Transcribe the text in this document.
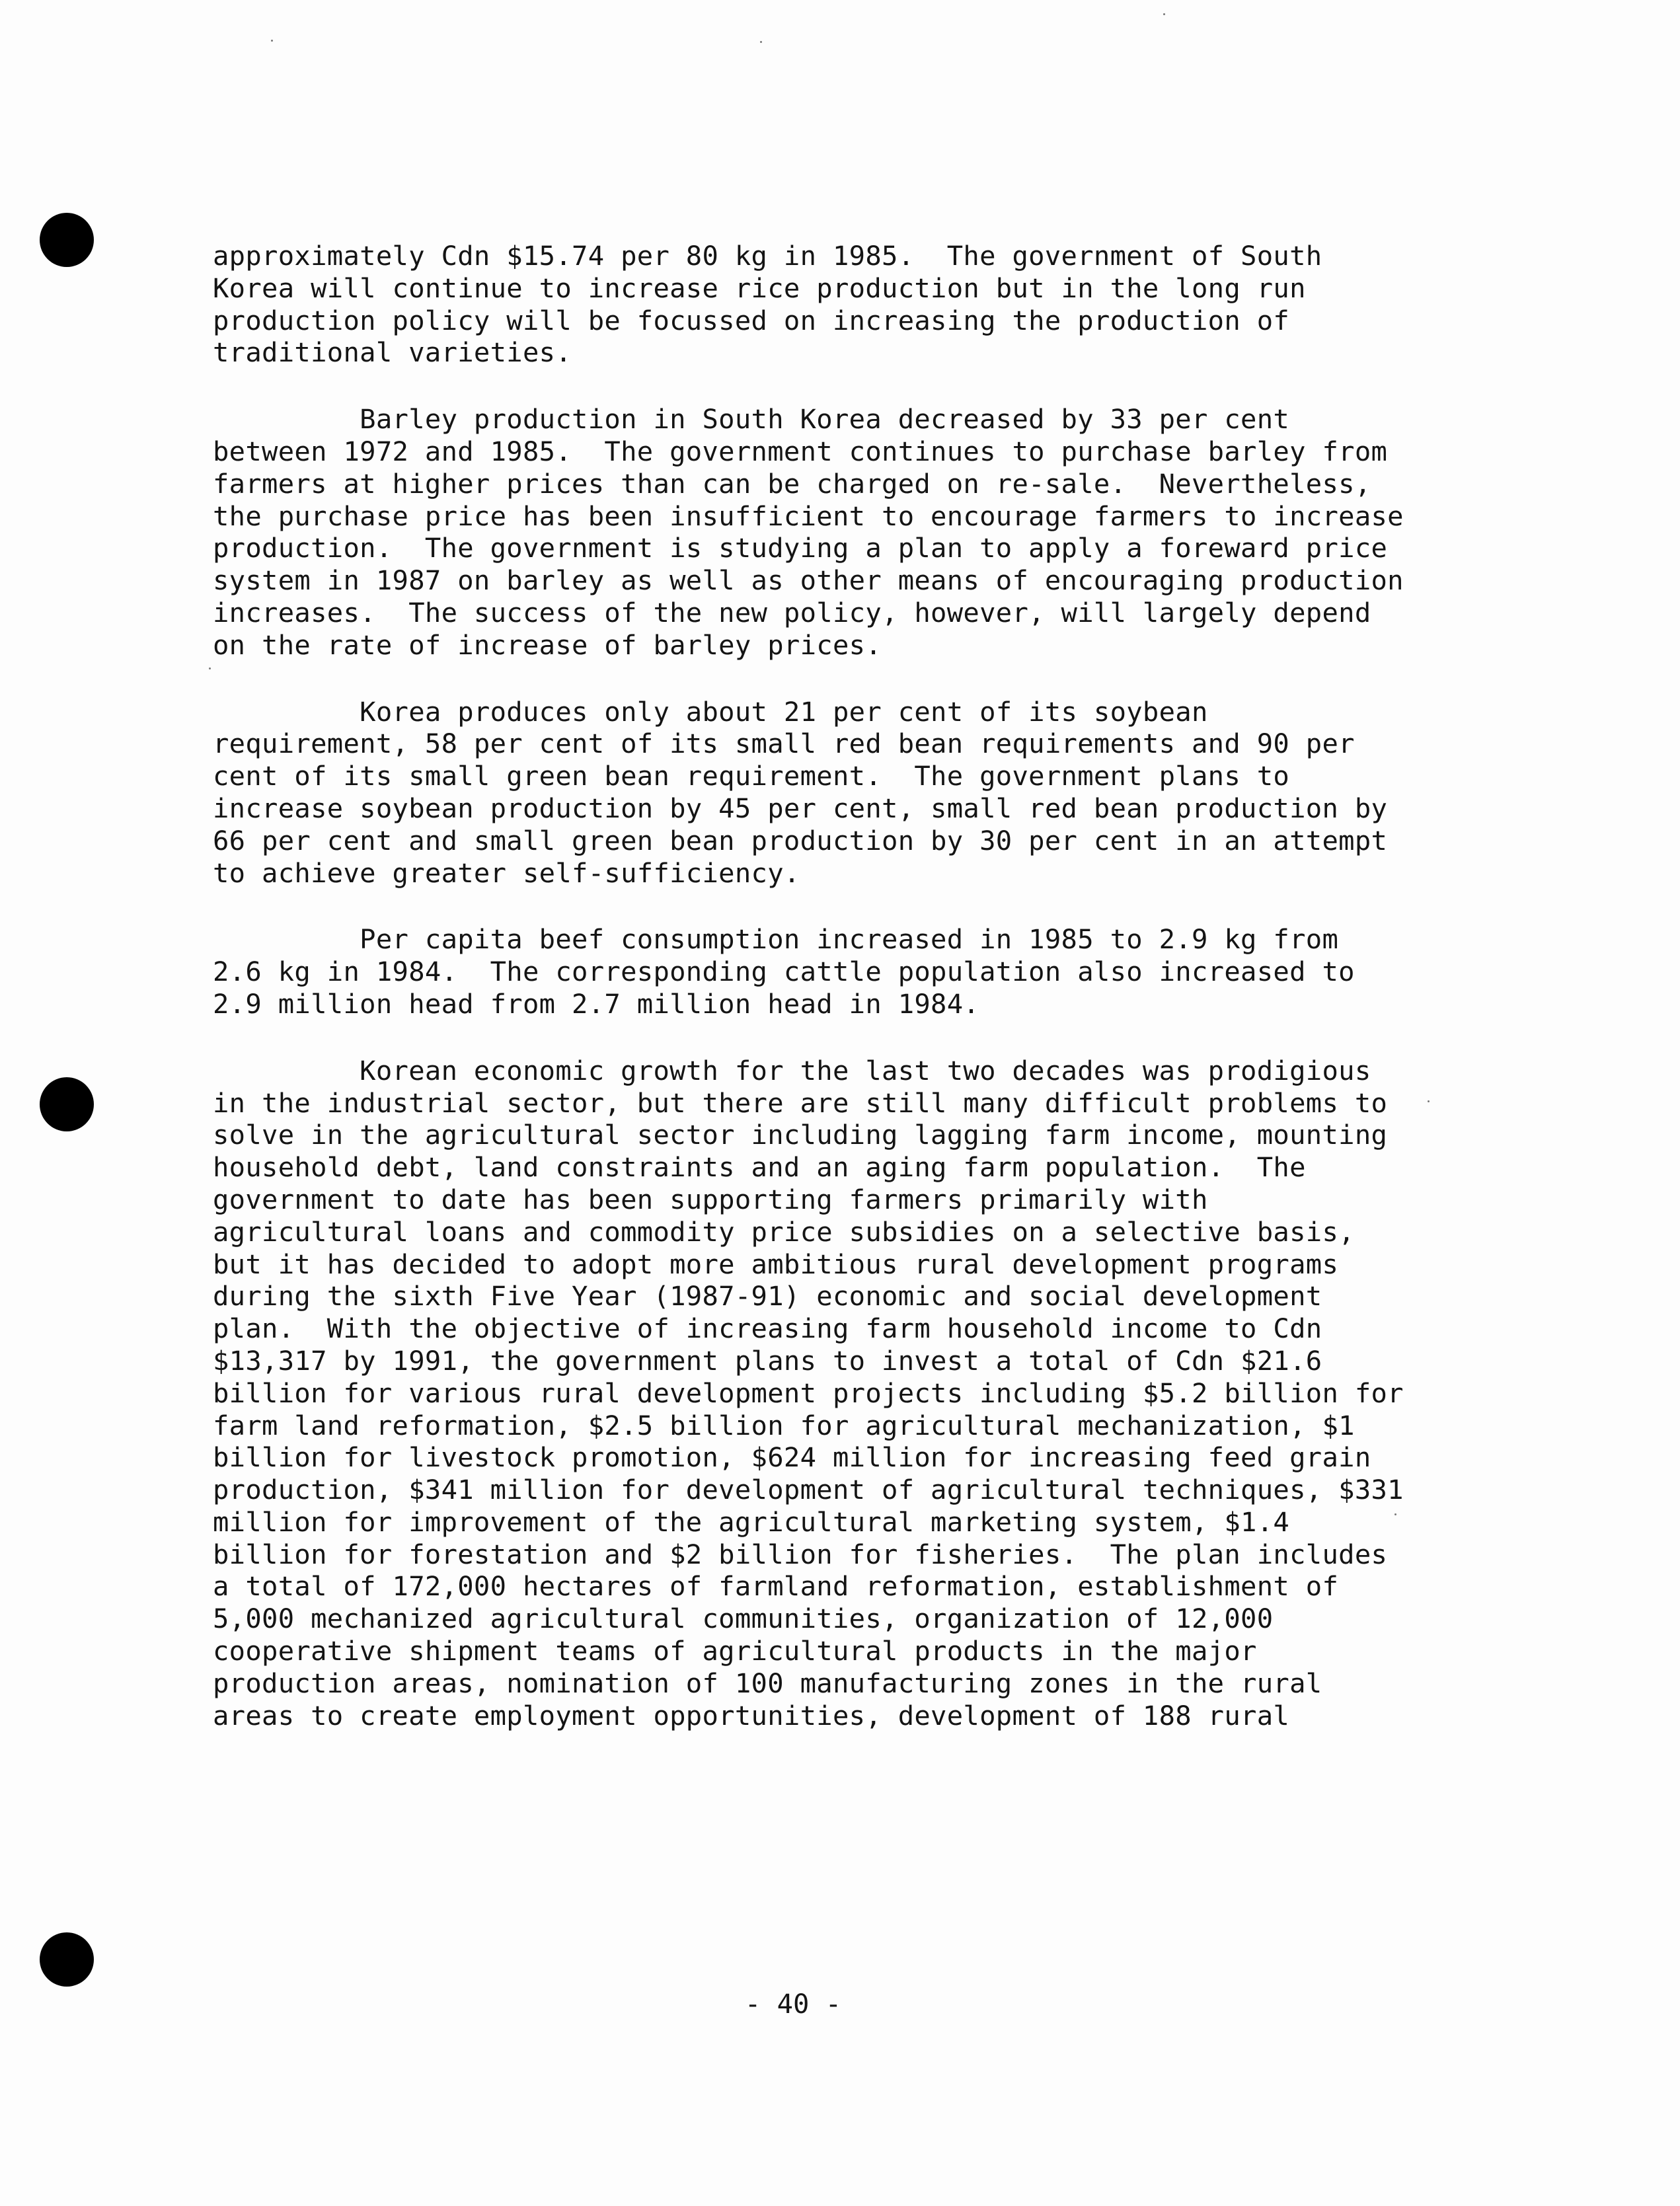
approximately Cdn $15.74 per 80 kg in 1985.  The government of South
Korea will continue to increase rice production but in the long run
production policy will be focussed on increasing the production of
traditional varieties.
Barley production in South Korea decreased by 33 per cent
between 1972 and 1985.  The government continues to purchase barley from
farmers at higher prices than can be charged on re-sale.  Nevertheless,
the purchase price has been insufficient to encourage farmers to increase
production.  The government is studying a plan to apply a foreward price
system in 1987 on barley as well as other means of encouraging production
increases.  The success of the new policy, however, will largely depend
on the rate of increase of barley prices.
Korea produces only about 21 per cent of its soybean
requirement, 58 per cent of its small red bean requirements and 90 per
cent of its small green bean requirement.  The government plans to
increase soybean production by 45 per cent, small red bean production by
66 per cent and small green bean production by 30 per cent in an attempt
to achieve greater self-sufficiency.
Per capita beef consumption increased in 1985 to 2.9 kg from
2.6 kg in 1984.  The corresponding cattle population also increased to
2.9 million head from 2.7 million head in 1984.
Korean economic growth for the last two decades was prodigious
in the industrial sector, but there are still many difficult problems to
solve in the agricultural sector including lagging farm income, mounting
household debt, land constraints and an aging farm population.  The
government to date has been supporting farmers primarily with
agricultural loans and commodity price subsidies on a selective basis,
but it has decided to adopt more ambitious rural development programs
during the sixth Five Year (1987-91) economic and social development
plan.  With the objective of increasing farm household income to Cdn
$13,317 by 1991, the government plans to invest a total of Cdn $21.6
billion for various rural development projects including $5.2 billion for
farm land reformation, $2.5 billion for agricultural mechanization, $1
billion for livestock promotion, $624 million for increasing feed grain
production, $341 million for development of agricultural techniques, $331
million for improvement of the agricultural marketing system, $1.4
billion for forestation and $2 billion for fisheries.  The plan includes
a total of 172,000 hectares of farmland reformation, establishment of
5,000 mechanized agricultural communities, organization of 12,000
cooperative shipment teams of agricultural products in the major
production areas, nomination of 100 manufacturing zones in the rural
areas to create employment opportunities, development of 188 rural
- 40 -
